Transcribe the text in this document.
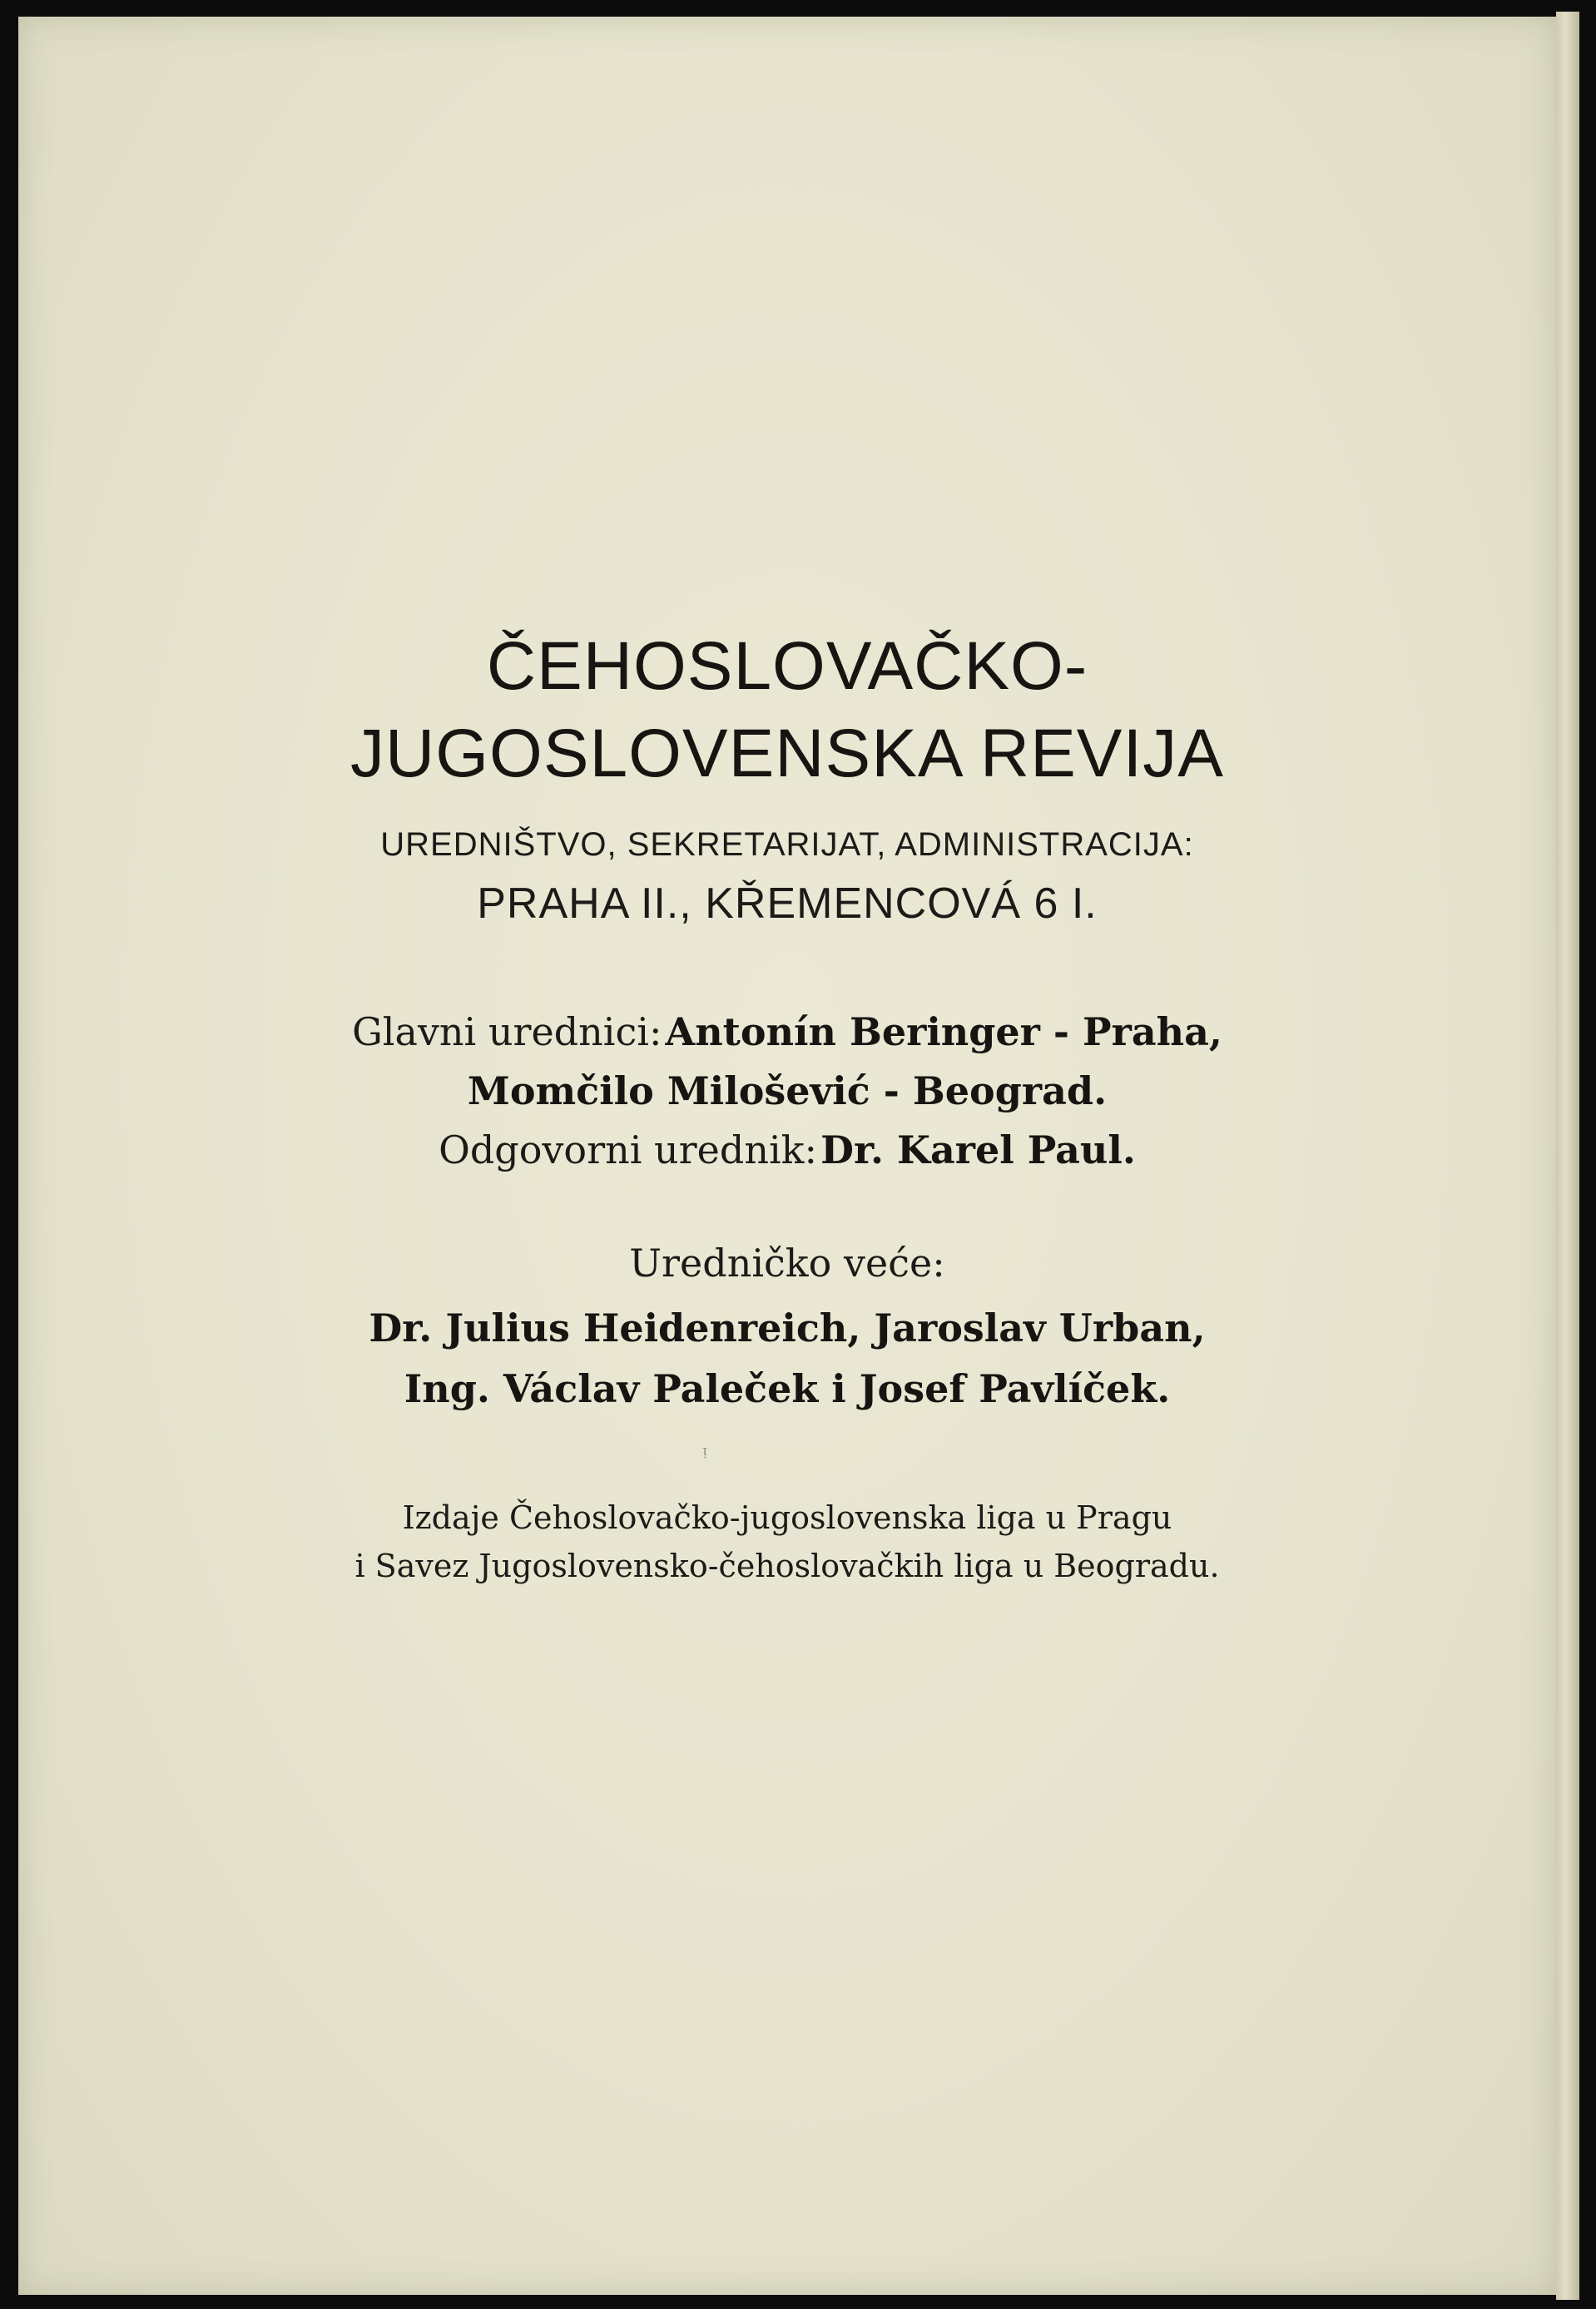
ČEHOSLOVAČKO-
JUGOSLOVENSKA REVIJA
UREDNIŠTVO, SEKRETARIJAT, ADMINISTRACIJA:
PRAHA II., KŘEMENCOVÁ 6 I.
Glavni urednici: Antonín Beringer - Praha,
Momčilo Milošević - Beograd.
Odgovorni urednik: Dr. Karel Paul.
Uredničko veće:
Dr. Julius Heidenreich, Jaroslav Urban,
Ing. Václav Paleček i Josef Pavlíček.
ᵎ
Izdaje Čehoslovačko-jugoslovenska liga u Pragu
i Savez Jugoslovensko-čehoslovačkih liga u Beogradu.
